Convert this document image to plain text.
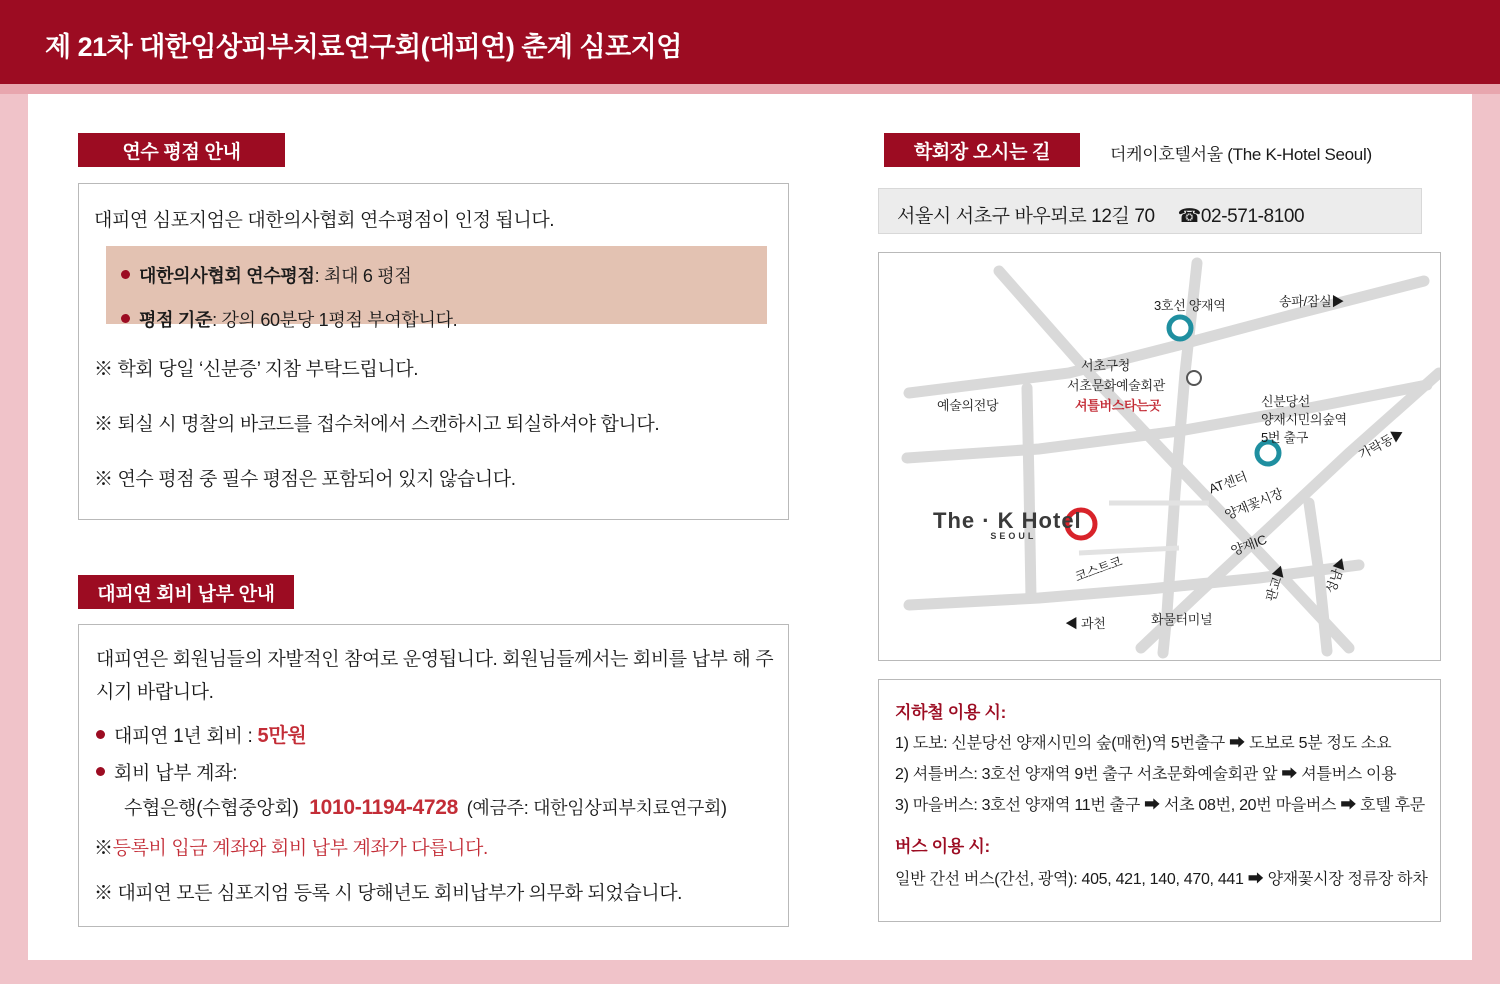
제 21차 대한임상피부치료연구회(대피연) 춘계 심포지엄
연수 평점 안내
대피연 심포지엄은 대한의사협회 연수평점이 인정 됩니다.
대한의사협회 연수평점: 최대 6 평점
평점 기준: 강의 60분당 1평점 부여합니다.
※ 학회 당일 ‘신분증’ 지참 부탁드립니다.
※ 퇴실 시 명찰의 바코드를 접수처에서 스캔하시고 퇴실하셔야 합니다.
※ 연수 평점 중 필수 평점은 포함되어 있지 않습니다.
대피연 회비 납부 안내
대피연은 회원님들의 자발적인 참여로 운영됩니다. 회원님들께서는 회비를 납부 해 주시기 바랍니다.
대피연 1년 회비 : 5만원
회비 납부 계좌:
수협은행(수협중앙회) 1010-1194-4728 (예금주: 대한임상피부치료연구회)
※등록비 입금 계좌와 회비 납부 계좌가 다릅니다.
※ 대피연 모든 심포지엄 등록 시 당해년도 회비납부가 의무화 되었습니다.
학회장 오시는 길	더케이호텔서울 (The K-Hotel Seoul)
서울시 서초구 바우뫼로 12길 70 ☎02-571-8100
The · K Hotel
SEOUL
3호선 양재역	송파/잠실▶
서초구청
서초문화예술회관
셔틀버스타는곳
예술의전당	신분당선
양재시민의숲역
5번 출구	가락동▶
AT센터
양재꽃시장
양재IC
코스트코
◀ 과천	화물터미널
성남▶
판교▶
지하철 이용 시:
1) 도보: 신분당선 양재시민의 숲(매헌)역 5번출구 ➡ 도보로 5분 정도 소요
2) 셔틀버스: 3호선 양재역 9번 출구 서초문화예술회관 앞 ➡ 셔틀버스 이용
3) 마을버스: 3호선 양재역 11번 출구 ➡ 서초 08번, 20번 마을버스 ➡ 호텔 후문
버스 이용 시:
일반 간선 버스(간선, 광역): 405, 421, 140, 470, 441 ➡ 양재꽃시장 정류장 하차
